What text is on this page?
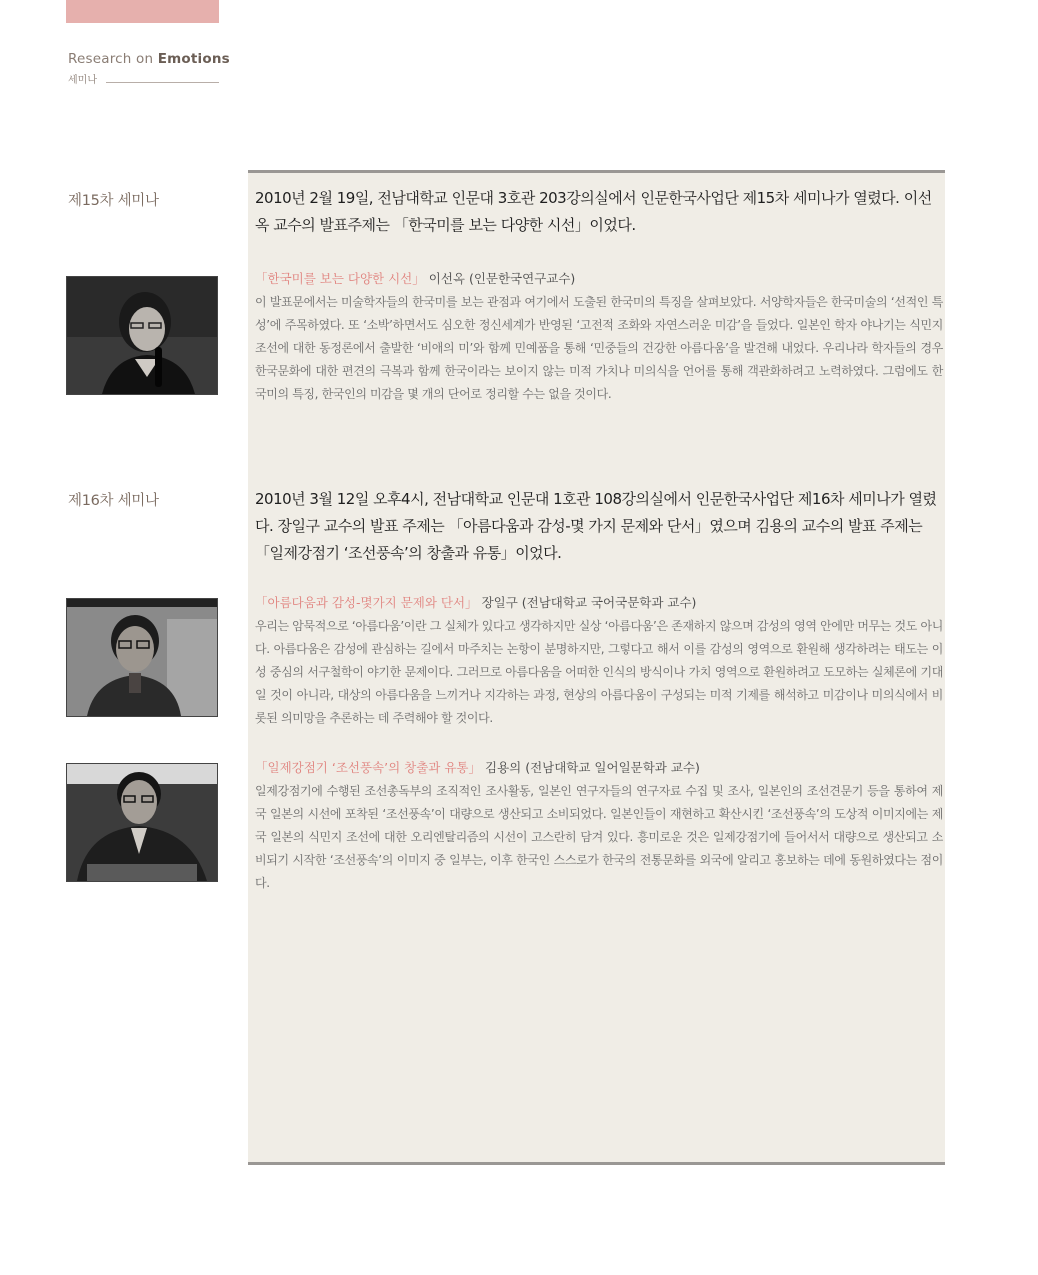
Research on Emotions
세미나
제15차 세미나	2010년 2월 19일, 전남대학교 인문대 3호관 203강의실에서 인문한국사업단 제15차 세미나가 열렸다. 이선옥 교수의 발표주제는 「한국미를 보는 다양한 시선」이었다.
「한국미를 보는 다양한 시선」 이선옥 (인문한국연구교수)
이 발표문에서는 미술학자들의 한국미를 보는 관점과 여기에서 도출된 한국미의 특징을 살펴보았다. 서양학자들은 한국미술의 ‘선적인 특성’에 주목하였다. 또 ‘소박’하면서도 심오한 정신세계가 반영된 ‘고전적 조화와 자연스러운 미감’을 들었다. 일본인 학자 야나기는 식민지 조선에 대한 동정론에서 출발한 ‘비애의 미’와 함께 민예품을 통해 ‘민중들의 건강한 아름다움’을 발견해 내었다. 우리나라 학자들의 경우 한국문화에 대한 편견의 극복과 함께 한국이라는 보이지 않는 미적 가치나 미의식을 언어를 통해 객관화하려고 노력하였다. 그럼에도 한국미의 특징, 한국인의 미감을 몇 개의 단어로 정리할 수는 없을 것이다.
제16차 세미나	2010년 3월 12일 오후4시, 전남대학교 인문대 1호관 108강의실에서 인문한국사업단 제16차 세미나가 열렸다. 장일구 교수의 발표 주제는 「아름다움과 감성-몇 가지 문제와 단서」였으며 김용의 교수의 발표 주제는 「일제강점기 ‘조선풍속’의 창출과 유통」이었다.
「아름다움과 감성-몇가지 문제와 단서」 장일구 (전남대학교 국어국문학과 교수)
우리는 암묵적으로 ‘아름다움’이란 그 실체가 있다고 생각하지만 실상 ‘아름다움’은 존재하지 않으며 감성의 영역 안에만 머무는 것도 아니다. 아름다움은 감성에 관심하는 길에서 마주치는 논항이 분명하지만, 그렇다고 해서 이를 감성의 영역으로 환원해 생각하려는 태도는 이성 중심의 서구철학이 야기한 문제이다. 그러므로 아름다움을 어떠한 인식의 방식이나 가치 영역으로 환원하려고 도모하는 실체론에 기대일 것이 아니라, 대상의 아름다움을 느끼거나 지각하는 과정, 현상의 아름다움이 구성되는 미적 기제를 해석하고 미감이나 미의식에서 비롯된 의미망을 추론하는 데 주력해야 할 것이다.
「일제강점기 ‘조선풍속’의 창출과 유통」 김용의 (전남대학교 일어일문학과 교수)
일제강점기에 수행된 조선총독부의 조직적인 조사활동, 일본인 연구자들의 연구자료 수집 및 조사, 일본인의 조선견문기 등을 통하여 제국 일본의 시선에 포착된 ‘조선풍속’이 대량으로 생산되고 소비되었다. 일본인들이 재현하고 확산시킨 ‘조선풍속’의 도상적 이미지에는 제국 일본의 식민지 조선에 대한 오리엔탈리즘의 시선이 고스란히 담겨 있다. 흥미로운 것은 일제강점기에 들어서서 대량으로 생산되고 소비되기 시작한 ‘조선풍속’의 이미지 중 일부는, 이후 한국인 스스로가 한국의 전통문화를 외국에 알리고 홍보하는 데에 동원하였다는 점이다.
